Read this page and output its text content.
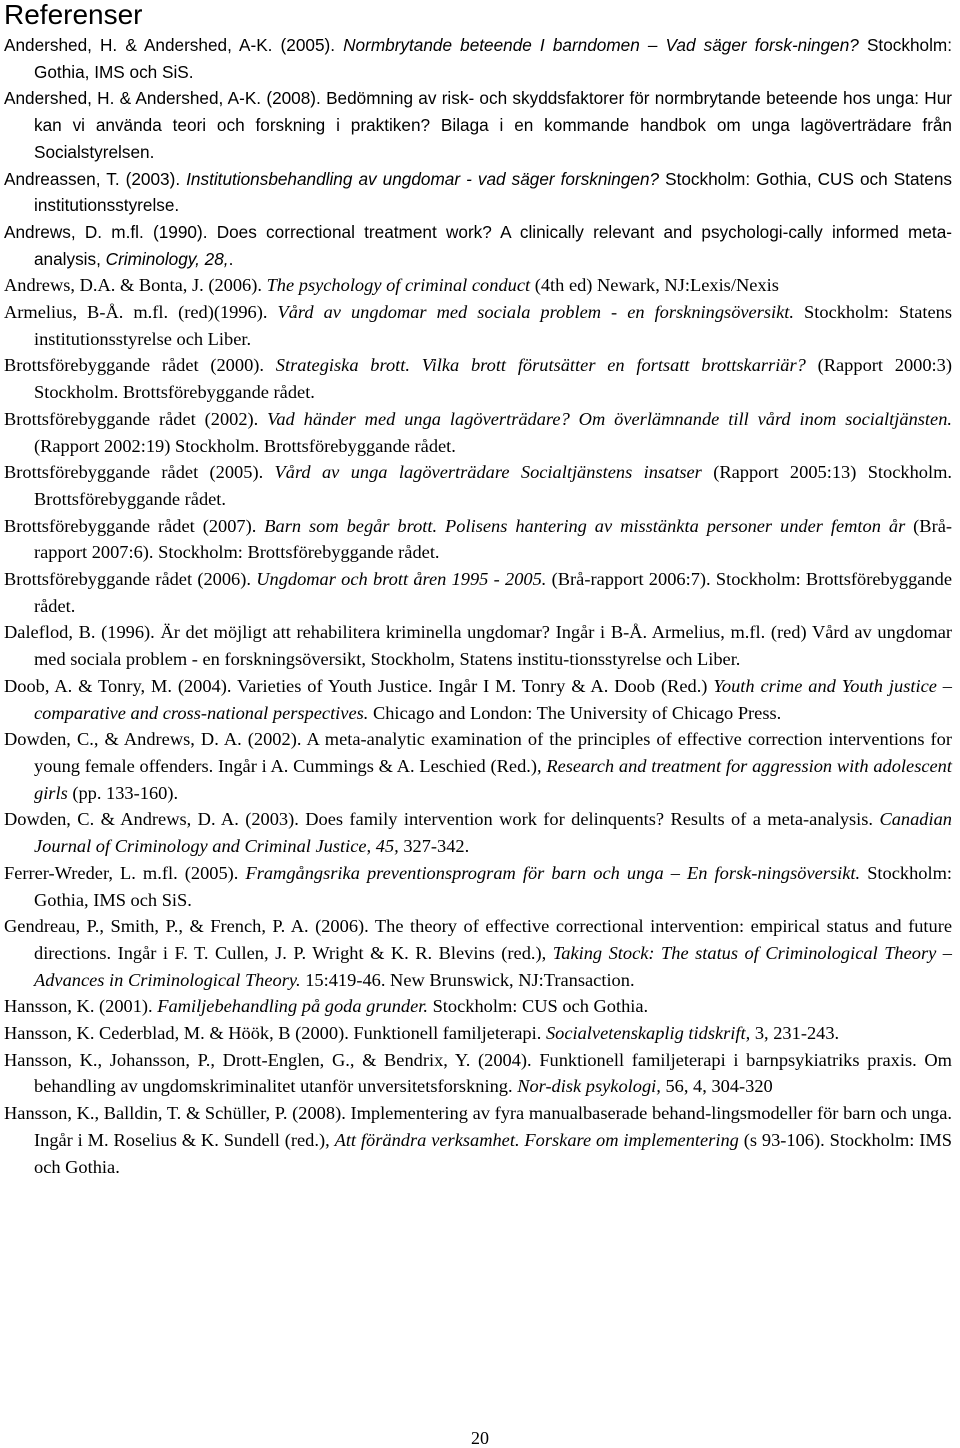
Referenser

Andershed, H. & Andershed, A-K. (2005). Normbrytande beteende I barndomen – Vad säger forsk-ningen? Stockholm: Gothia, IMS och SiS.

Andershed, H. & Andershed, A-K. (2008). Bedömning av risk- och skyddsfaktorer för normbrytande beteende hos unga: Hur kan vi använda teori och forskning i praktiken? Bilaga i en kommande handbok om unga lagöverträdare från Socialstyrelsen.

Andreassen, T. (2003). Institutionsbehandling av ungdomar - vad säger forskningen? Stockholm: Gothia, CUS och Statens institutionsstyrelse.

Andrews, D. m.fl. (1990). Does correctional treatment work? A clinically relevant and psychologi-cally informed meta-analysis, Criminology, 28,.

Andrews, D.A. & Bonta, J. (2006). The psychology of criminal conduct (4th ed) Newark, NJ:Lexis/Nexis

Armelius, B-Å. m.fl. (red)(1996). Vård av ungdomar med sociala problem - en forskningsöversikt. Stockholm: Statens institutionsstyrelse och Liber.

Brottsförebyggande rådet (2000). Strategiska brott. Vilka brott förutsätter en fortsatt brottskarriär? (Rapport 2000:3) Stockholm. Brottsförebyggande rådet.

Brottsförebyggande rådet (2002). Vad händer med unga lagöverträdare? Om överlämnande till vård inom socialtjänsten. (Rapport 2002:19) Stockholm. Brottsförebyggande rådet.

Brottsförebyggande rådet (2005). Vård av unga lagöverträdare Socialtjänstens insatser (Rapport 2005:13) Stockholm. Brottsförebyggande rådet.

Brottsförebyggande rådet (2007). Barn som begår brott. Polisens hantering av misstänkta personer under femton år (Brå-rapport 2007:6). Stockholm: Brottsförebyggande rådet.

Brottsförebyggande rådet (2006). Ungdomar och brott åren 1995 - 2005. (Brå-rapport 2006:7). Stockholm: Brottsförebyggande rådet.

Daleflod, B. (1996). Är det möjligt att rehabilitera kriminella ungdomar? Ingår i B-Å. Armelius, m.fl. (red) Vård av ungdomar med sociala problem - en forskningsöversikt, Stockholm, Statens institu-tionsstyrelse och Liber.

Doob, A. & Tonry, M. (2004). Varieties of Youth Justice. Ingår I M. Tonry & A. Doob (Red.) Youth crime and Youth justice – comparative and cross-national perspectives. Chicago and London: The University of Chicago Press.

Dowden, C., & Andrews, D. A. (2002). A meta-analytic examination of the principles of effective correction interventions for young female offenders. Ingår i A. Cummings & A. Leschied (Red.), Research and treatment for aggression with adolescent girls (pp. 133-160).

Dowden, C. & Andrews, D. A. (2003). Does family intervention work for delinquents? Results of a meta-analysis. Canadian Journal of Criminology and Criminal Justice, 45, 327-342.

Ferrer-Wreder, L. m.fl. (2005). Framgångsrika preventionsprogram för barn och unga – En forsk-ningsöversikt. Stockholm: Gothia, IMS och SiS.

Gendreau, P., Smith, P., & French, P. A. (2006). The theory of effective correctional intervention: empirical status and future directions. Ingår i F. T. Cullen, J. P. Wright & K. R. Blevins (red.), Taking Stock: The status of Criminological Theory – Advances in Criminological Theory. 15:419-46. New Brunswick, NJ:Transaction.

Hansson, K. (2001). Familjebehandling på goda grunder. Stockholm: CUS och Gothia.

Hansson, K. Cederblad, M. & Höök, B (2000). Funktionell familjeterapi. Socialvetenskaplig tidskrift, 3, 231-243.

Hansson, K., Johansson, P., Drott-Englen, G., & Bendrix, Y. (2004). Funktionell familjeterapi i barnpsykiatriks praxis. Om behandling av ungdomskriminalitet utanför unversitetsforskning. Nor-disk psykologi, 56, 4, 304-320

Hansson, K., Balldin, T. & Schüller, P. (2008). Implementering av fyra manualbaserade behand-lingsmodeller för barn och unga. Ingår i M. Roselius & K. Sundell (red.), Att förändra verksamhet. Forskare om implementering (s 93-106). Stockholm: IMS och Gothia.

20
